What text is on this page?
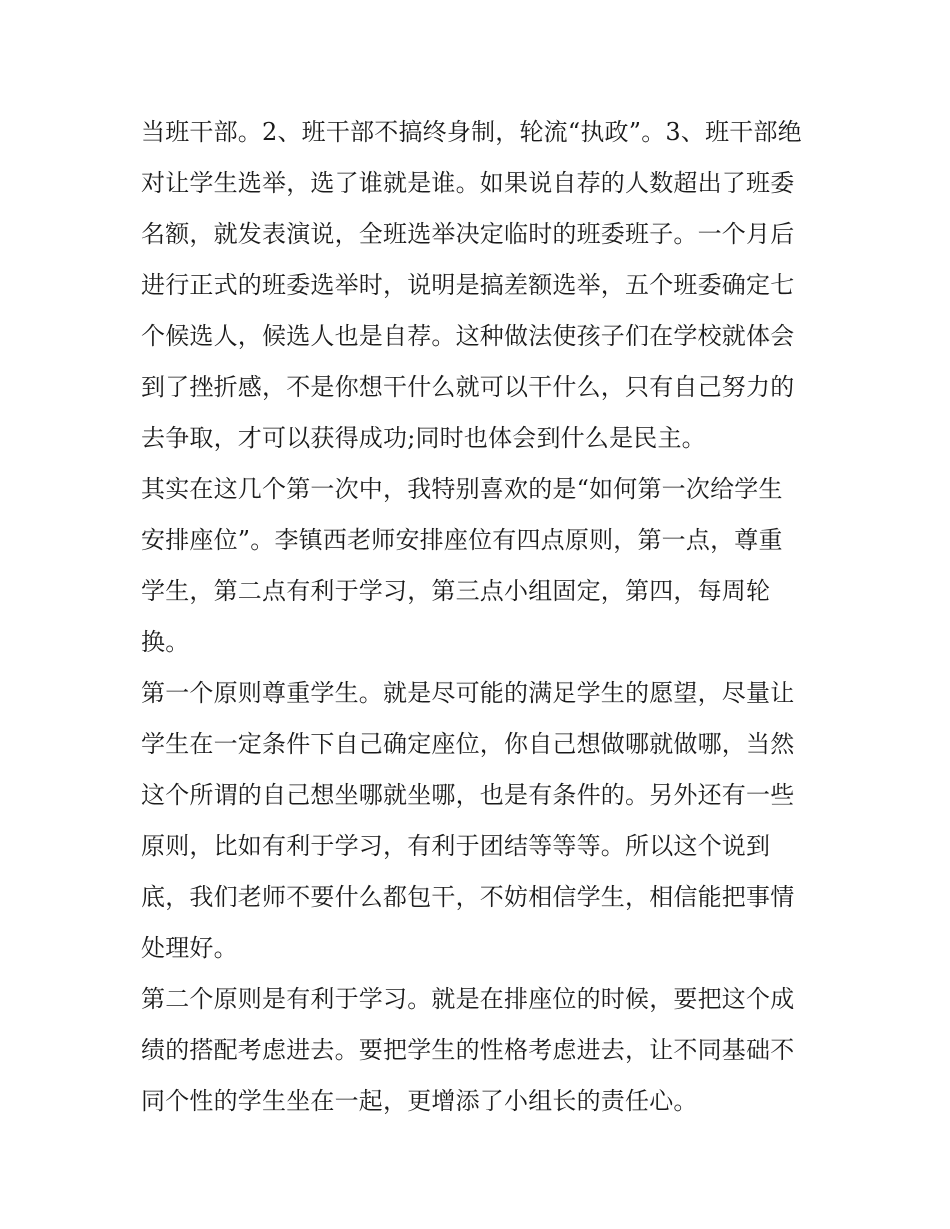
当班干部。2、班干部不搞终身制，轮流“执政”。3、班干部绝
对让学生选举，选了谁就是谁。如果说自荐的人数超出了班委
名额，就发表演说，全班选举决定临时的班委班子。一个月后
进行正式的班委选举时，说明是搞差额选举，五个班委确定七
个候选人，候选人也是自荐。这种做法使孩子们在学校就体会
到了挫折感，不是你想干什么就可以干什么，只有自己努力的
去争取，才可以获得成功;同时也体会到什么是民主。
其实在这几个第一次中，我特别喜欢的是“如何第一次给学生
安排座位”。李镇西老师安排座位有四点原则，第一点，尊重
学生，第二点有利于学习，第三点小组固定，第四，每周轮
换。
第一个原则尊重学生。就是尽可能的满足学生的愿望，尽量让
学生在一定条件下自己确定座位，你自己想做哪就做哪，当然
这个所谓的自己想坐哪就坐哪，也是有条件的。另外还有一些
原则，比如有利于学习，有利于团结等等等。所以这个说到
底，我们老师不要什么都包干，不妨相信学生，相信能把事情
处理好。
第二个原则是有利于学习。就是在排座位的时候，要把这个成
绩的搭配考虑进去。要把学生的性格考虑进去，让不同基础不
同个性的学生坐在一起，更增添了小组长的责任心。
